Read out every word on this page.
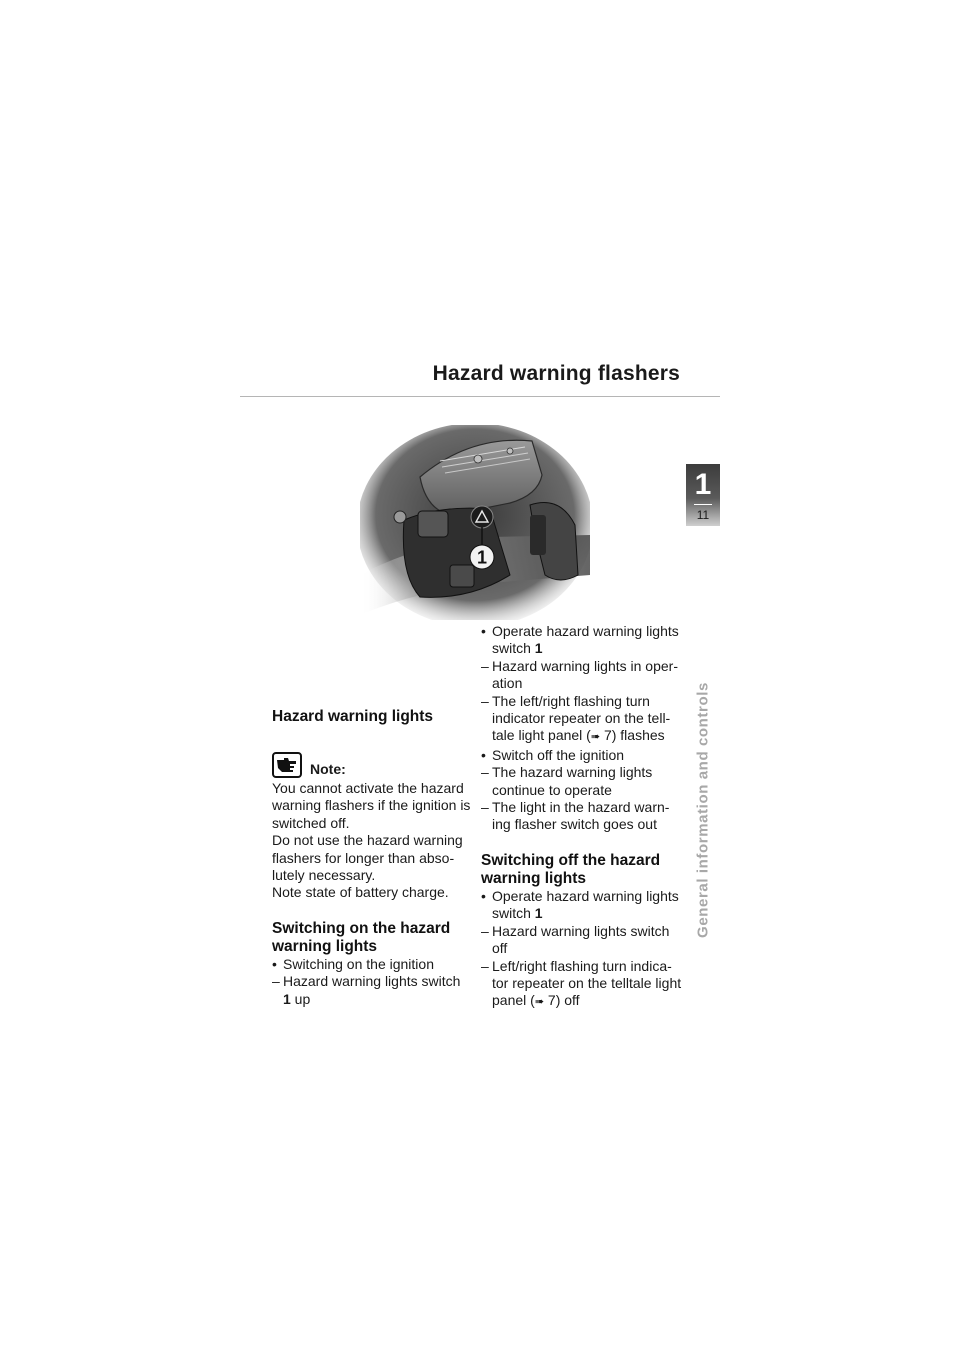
Hazard warning flashers
1
11
General information and controls
1
Hazard warning lights
Note:

You cannot activate the hazard warning flashers if the ignition is switched off.

Do not use the hazard warning flashers for longer than abso-lutely necessary.

Note state of battery charge.

Switching on the hazard warning lights
• Switching on the ignition
– Hazard warning lights switch 1 up
• Operate hazard warning lights switch 1
– Hazard warning lights in oper-ation
– The left/right flashing turn indicator repeater on the tell-tale light panel (➠ 7) flashes
• Switch off the ignition
– The hazard warning lights continue to operate
– The light in the hazard warn-ing flasher switch goes out
Switching off the hazard warning lights
• Operate hazard warning lights switch 1
– Hazard warning lights switch off
– Left/right flashing turn indica-tor repeater on the telltale light panel (➠ 7) off
